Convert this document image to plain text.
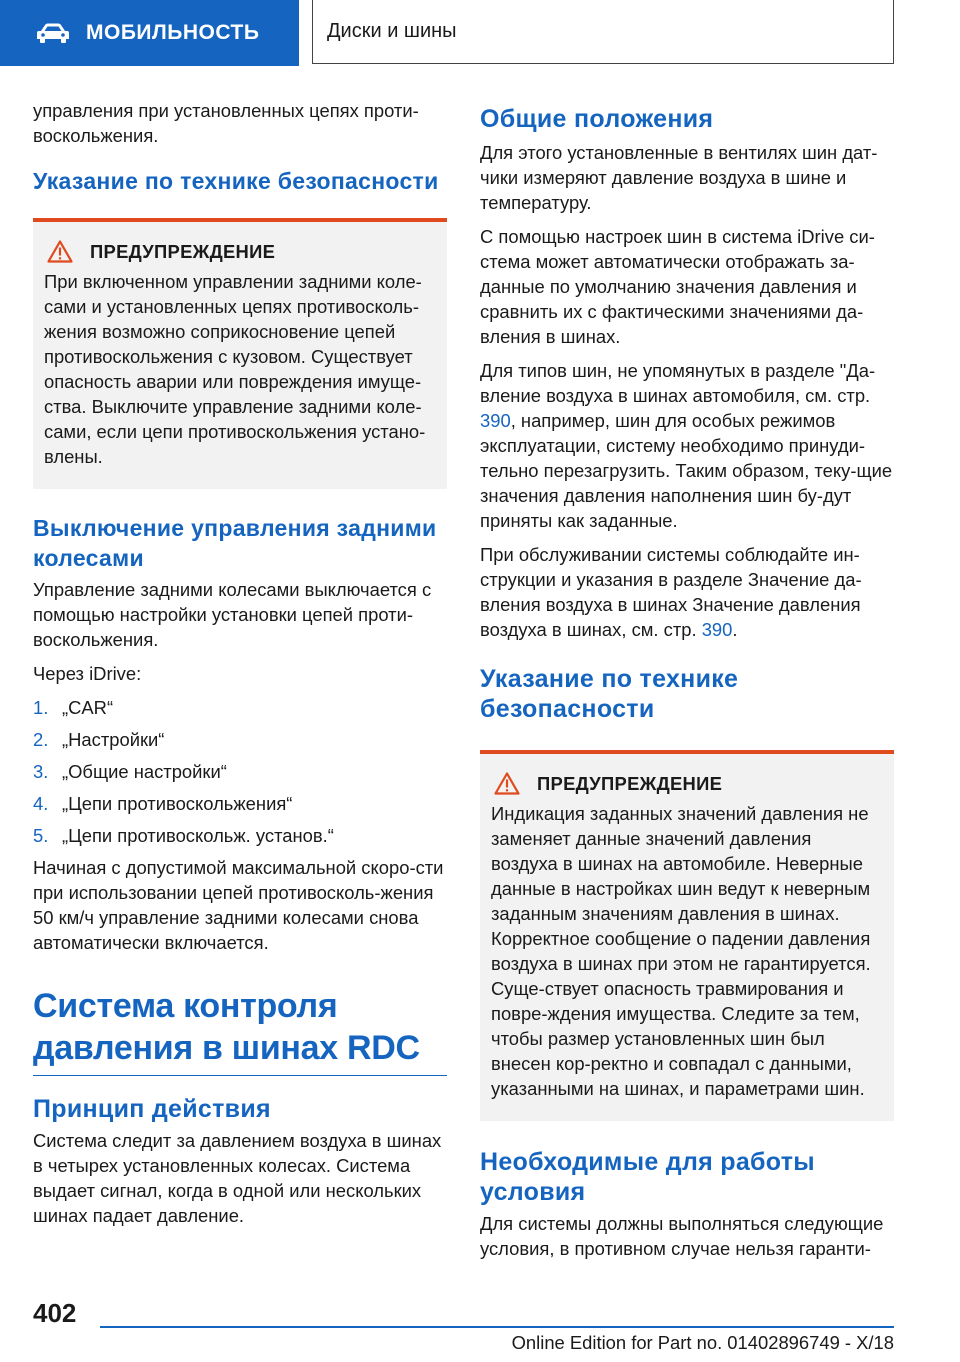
МОБИЛЬНОСТЬ	Диски и шины

управления при установленных цепях проти-воскольжения.

Указание по технике безопасности
ПРЕДУПРЕЖДЕНИЕ

При включенном управлении задними коле-сами и установленных цепях противосколь-жения возможно соприкосновение цепей противоскольжения с кузовом. Существует опасность аварии или повреждения имуще-ства. Выключите управление задними коле-сами, если цепи противоскольжения устано-влены.

Выключение управления задними колесами

Управление задними колесами выключается с помощью настройки установки цепей проти-воскольжения.

Через iDrive:

1. „CAR“
2. „Настройки“
3. „Общие настройки“
4. „Цепи противоскольжения“
5. „Цепи противоскольж. установ.“

Начиная с допустимой максимальной скоро-сти при использовании цепей противосколь-жения 50 км/ч управление задними колесами снова автоматически включается.

Система контроля давления в шинах RDC
Принцип действия

Система следит за давлением воздуха в шинах в четырех установленных колесах. Система выдает сигнал, когда в одной или нескольких шинах падает давление.

Общие положения

Для этого установленные в вентилях шин дат-чики измеряют давление воздуха в шине и температуру.

С помощью настроек шин в система iDrive си-стема может автоматически отображать за-данные по умолчанию значения давления и сравнить их с фактическими значениями да-вления в шинах.

Для типов шин, не упомянутых в разделе "Да-вление воздуха в шинах автомобиля, см. стр. 390, например, шин для особых режимов эксплуатации, систему необходимо принуди-тельно перезагрузить. Таким образом, теку-щие значения давления наполнения шин бу-дут приняты как заданные.

При обслуживании системы соблюдайте ин-струкции и указания в разделе Значение да-вления воздуха в шинах Значение давления воздуха в шинах, см. стр. 390.

Указание по технике безопасности
ПРЕДУПРЕЖДЕНИЕ

Индикация заданных значений давления не заменяет данные значений давления воздуха в шинах на автомобиле. Неверные данные в настройках шин ведут к неверным заданным значениям давления в шинах. Корректное сообщение о падении давления воздуха в шинах при этом не гарантируется. Суще-ствует опасность травмирования и повре-ждения имущества. Следите за тем, чтобы размер установленных шин был внесен кор-ректно и совпадал с данными, указанными на шинах, и параметрами шин.

Необходимые для работы условия

Для системы должны выполняться следующие условия, в противном случае нельзя гаранти-

402
Online Edition for Part no. 01402896749 - X/18
